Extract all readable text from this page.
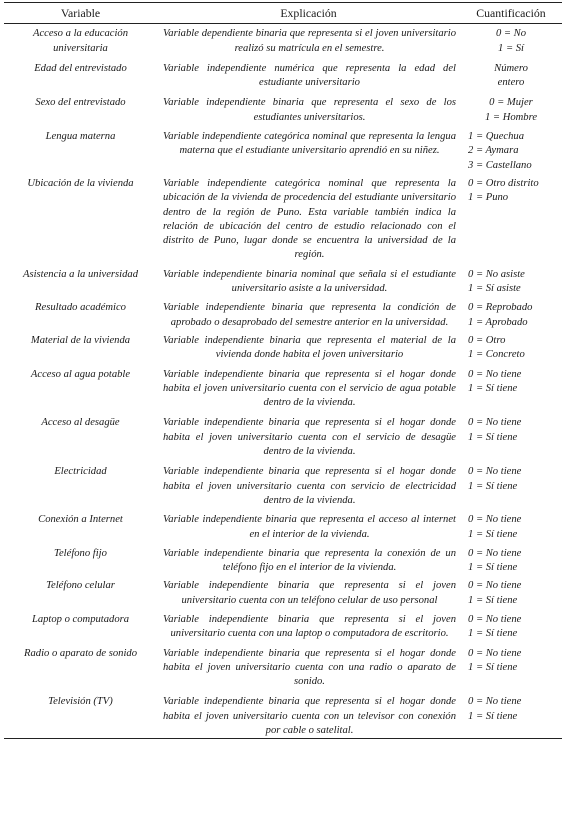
Variable	Explicación	Cuantificación
Acceso a la educación universitaria	Variable dependiente binaria que representa si el joven universitario realizó su matrícula en el semestre.	0 = No
1 = Sí

Edad del entrevistado	Variable independiente numérica que representa la edad del estudiante universitario	Número
entero

Sexo del entrevistado	Variable independiente binaria que representa el sexo de los estudiantes universitarios.	0 = Mujer
1 = Hombre

Lengua materna	Variable independiente categórica nominal que representa la lengua materna que el estudiante universitario aprendió en su niñez.	1 = Quechua
2 = Aymara
3 = Castellano

Ubicación de la vivienda	Variable independiente categórica nominal que representa la ubicación de la vivienda de procedencia del estudiante universitario dentro de la región de Puno. Esta variable también indica la relación de ubicación del centro de estudio relacionado con el distrito de Puno, lugar donde se encuentra la universidad de la región.	0 = Otro distrito
1 = Puno

Asistencia a la universidad	Variable independiente binaria nominal que señala si el estudiante universitario asiste a la universidad.	0 = No asiste
1 = Sí asiste

Resultado académico	Variable independiente binaria que representa la condición de aprobado o desaprobado del semestre anterior en la universidad.	0 = Reprobado
1 = Aprobado

Material de la vivienda	Variable independiente binaria que representa el material de la vivienda donde habita el joven universitario	0 = Otro
1 = Concreto

Acceso al agua potable	Variable independiente binaria que representa si el hogar donde habita el joven universitario cuenta con el servicio de agua potable dentro de la vivienda.	0 = No tiene
1 = Sí tiene

Acceso al desagüe	Variable independiente binaria que representa si el hogar donde habita el joven universitario cuenta con el servicio de desagüe dentro de la vivienda.	0 = No tiene
1 = Sí tiene

Electricidad	Variable independiente binaria que representa si el hogar donde habita el joven universitario cuenta con servicio de electricidad dentro de la vivienda.	0 = No tiene
1 = Sí tiene

Conexión a Internet	Variable independiente binaria que representa el acceso al internet en el interior de la vivienda.	0 = No tiene
1 = Sí tiene

Teléfono fijo	Variable independiente binaria que representa la conexión de un teléfono fijo en el interior de la vivienda.	0 = No tiene
1 = Sí tiene

Teléfono celular	Variable independiente binaria que representa si el joven universitario cuenta con un teléfono celular de uso personal	0 = No tiene
1 = Sí tiene

Laptop o computadora	Variable independiente binaria que representa si el joven universitario cuenta con una laptop o computadora de escritorio.	0 = No tiene
1 = Sí tiene

Radio o aparato de sonido	Variable independiente binaria que representa si el hogar donde habita el joven universitario cuenta con una radio o aparato de sonido.	0 = No tiene
1 = Sí tiene

Televisión (TV)	Variable independiente binaria que representa si el hogar donde habita el joven universitario cuenta con un televisor con conexión por cable o satelital.	0 = No tiene
1 = Sí tiene
